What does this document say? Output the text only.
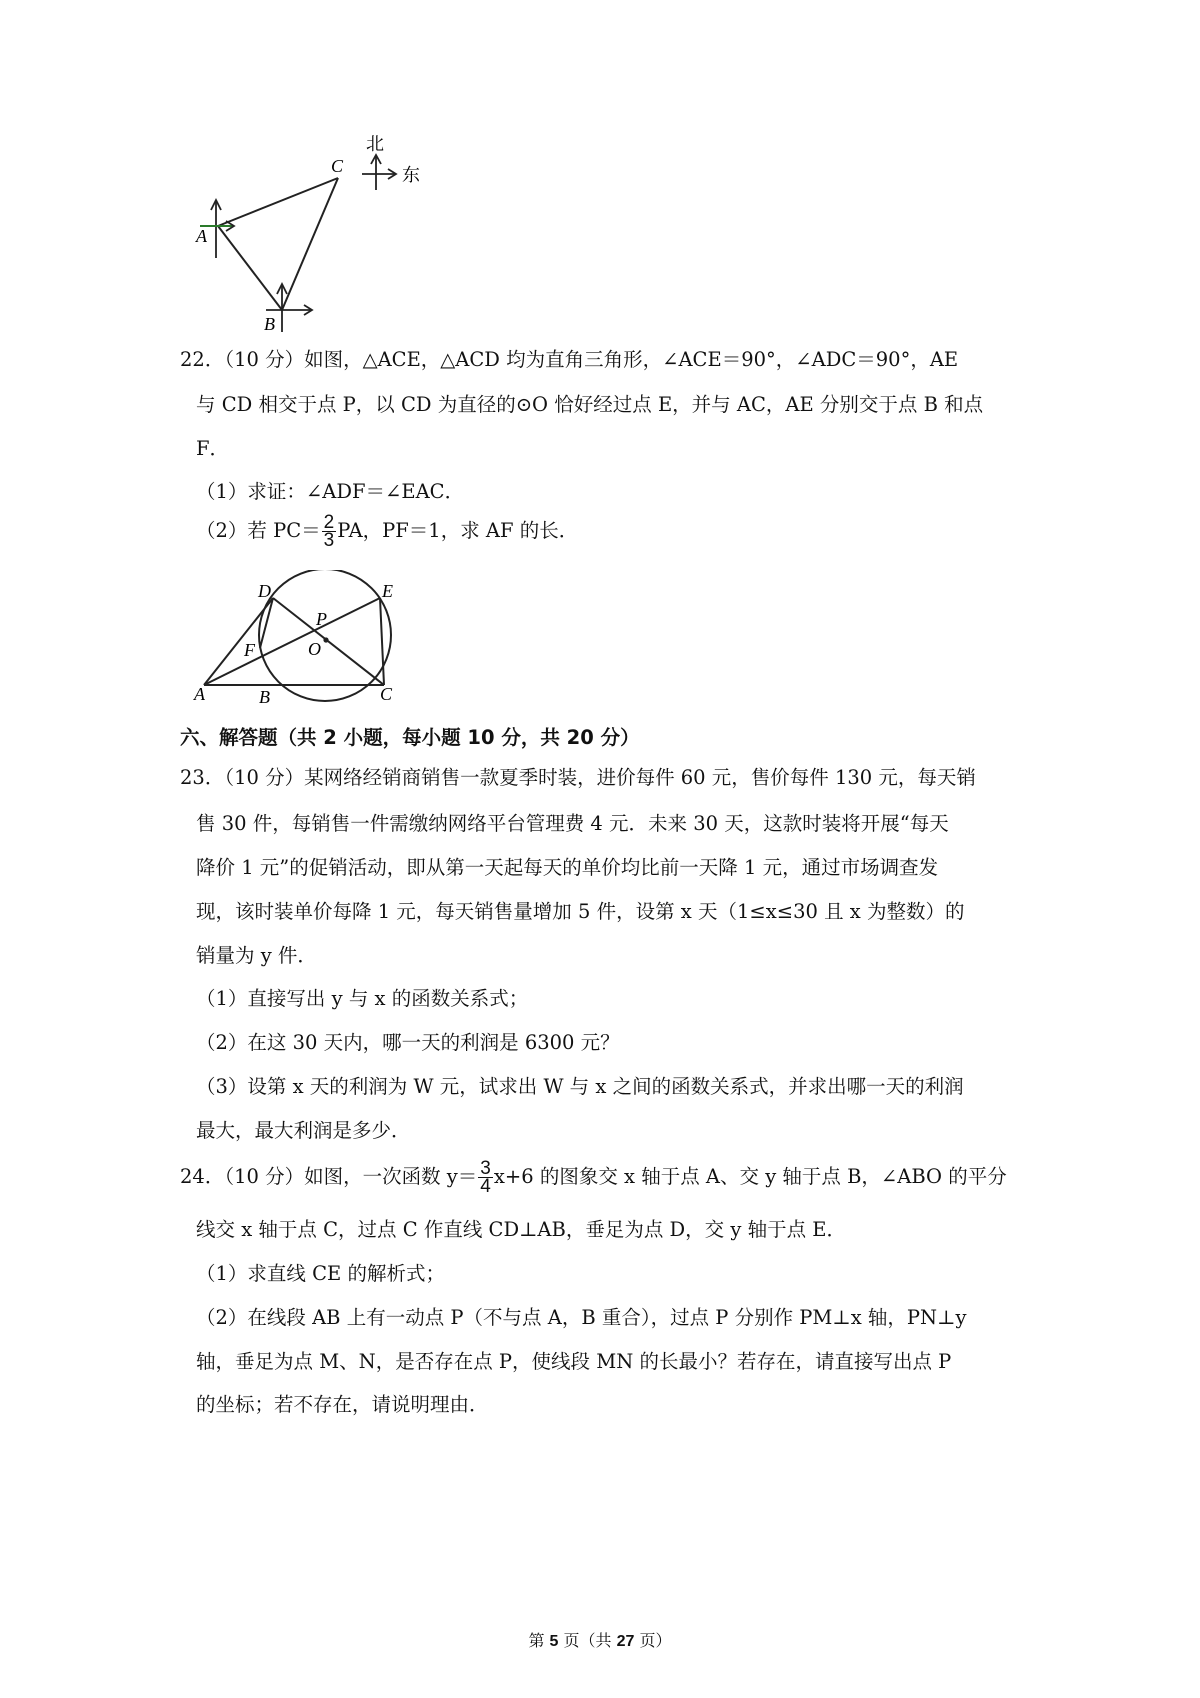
北
东
C
A
B
22．（10 分）如图，△ACE，△ACD 均为直角三角形，∠ACE＝90°，∠ADC＝90°，AE
与 CD 相交于点 P，以 CD 为直径的⊙O 恰好经过点 E，并与 AC，AE 分别交于点 B 和点
F．
（1）求证：∠ADF＝∠EAC．
（2）若 $PC= \frac{2}{3}$ PA，PF＝1，求 AF 的长．
D	E
P
O
F
A	B	C
六、解答题（共 2 小题，每小题 10 分，共 20 分）
23．（10 分）某网络经销商销售一款夏季时装，进价每件 60 元，售价每件 130 元，每天销
售 30 件，每销售一件需缴纳网络平台管理费 4 元．未来 30 天，这款时装将开展“每天
降价 1 元”的促销活动，即从第一天起每天的单价均比前一天降 1 元，通过市场调查发
现，该时装单价每降 1 元，每天销售量增加 5 件，设第 x 天（1≤x≤30 且 x 为整数）的
销量为 y 件．
（1）直接写出 y 与 x 的函数关系式；
（2）在这 30 天内，哪一天的利润是 6300 元？
（3）设第 x 天的利润为 W 元，试求出 W 与 x 之间的函数关系式，并求出哪一天的利润
最大，最大利润是多少．
24．（10 分）如图，一次函数 $y= \frac{3}{4} x+6$ 的图象交 x 轴于点 A、交 y 轴于点 B，∠ABO 的平分
线交 x 轴于点 C，过点 C 作直线 CD⊥AB，垂足为点 D，交 y 轴于点 E．
（1）求直线 CE 的解析式；
（2）在线段 AB 上有一动点 P（不与点 A，B 重合），过点 P 分别作 PM⊥x 轴，PN⊥y
轴，垂足为点 M、N，是否存在点 P，使线段 MN 的长最小？若存在，请直接写出点 P
的坐标；若不存在，请说明理由．
第 5 页（共 27 页）
